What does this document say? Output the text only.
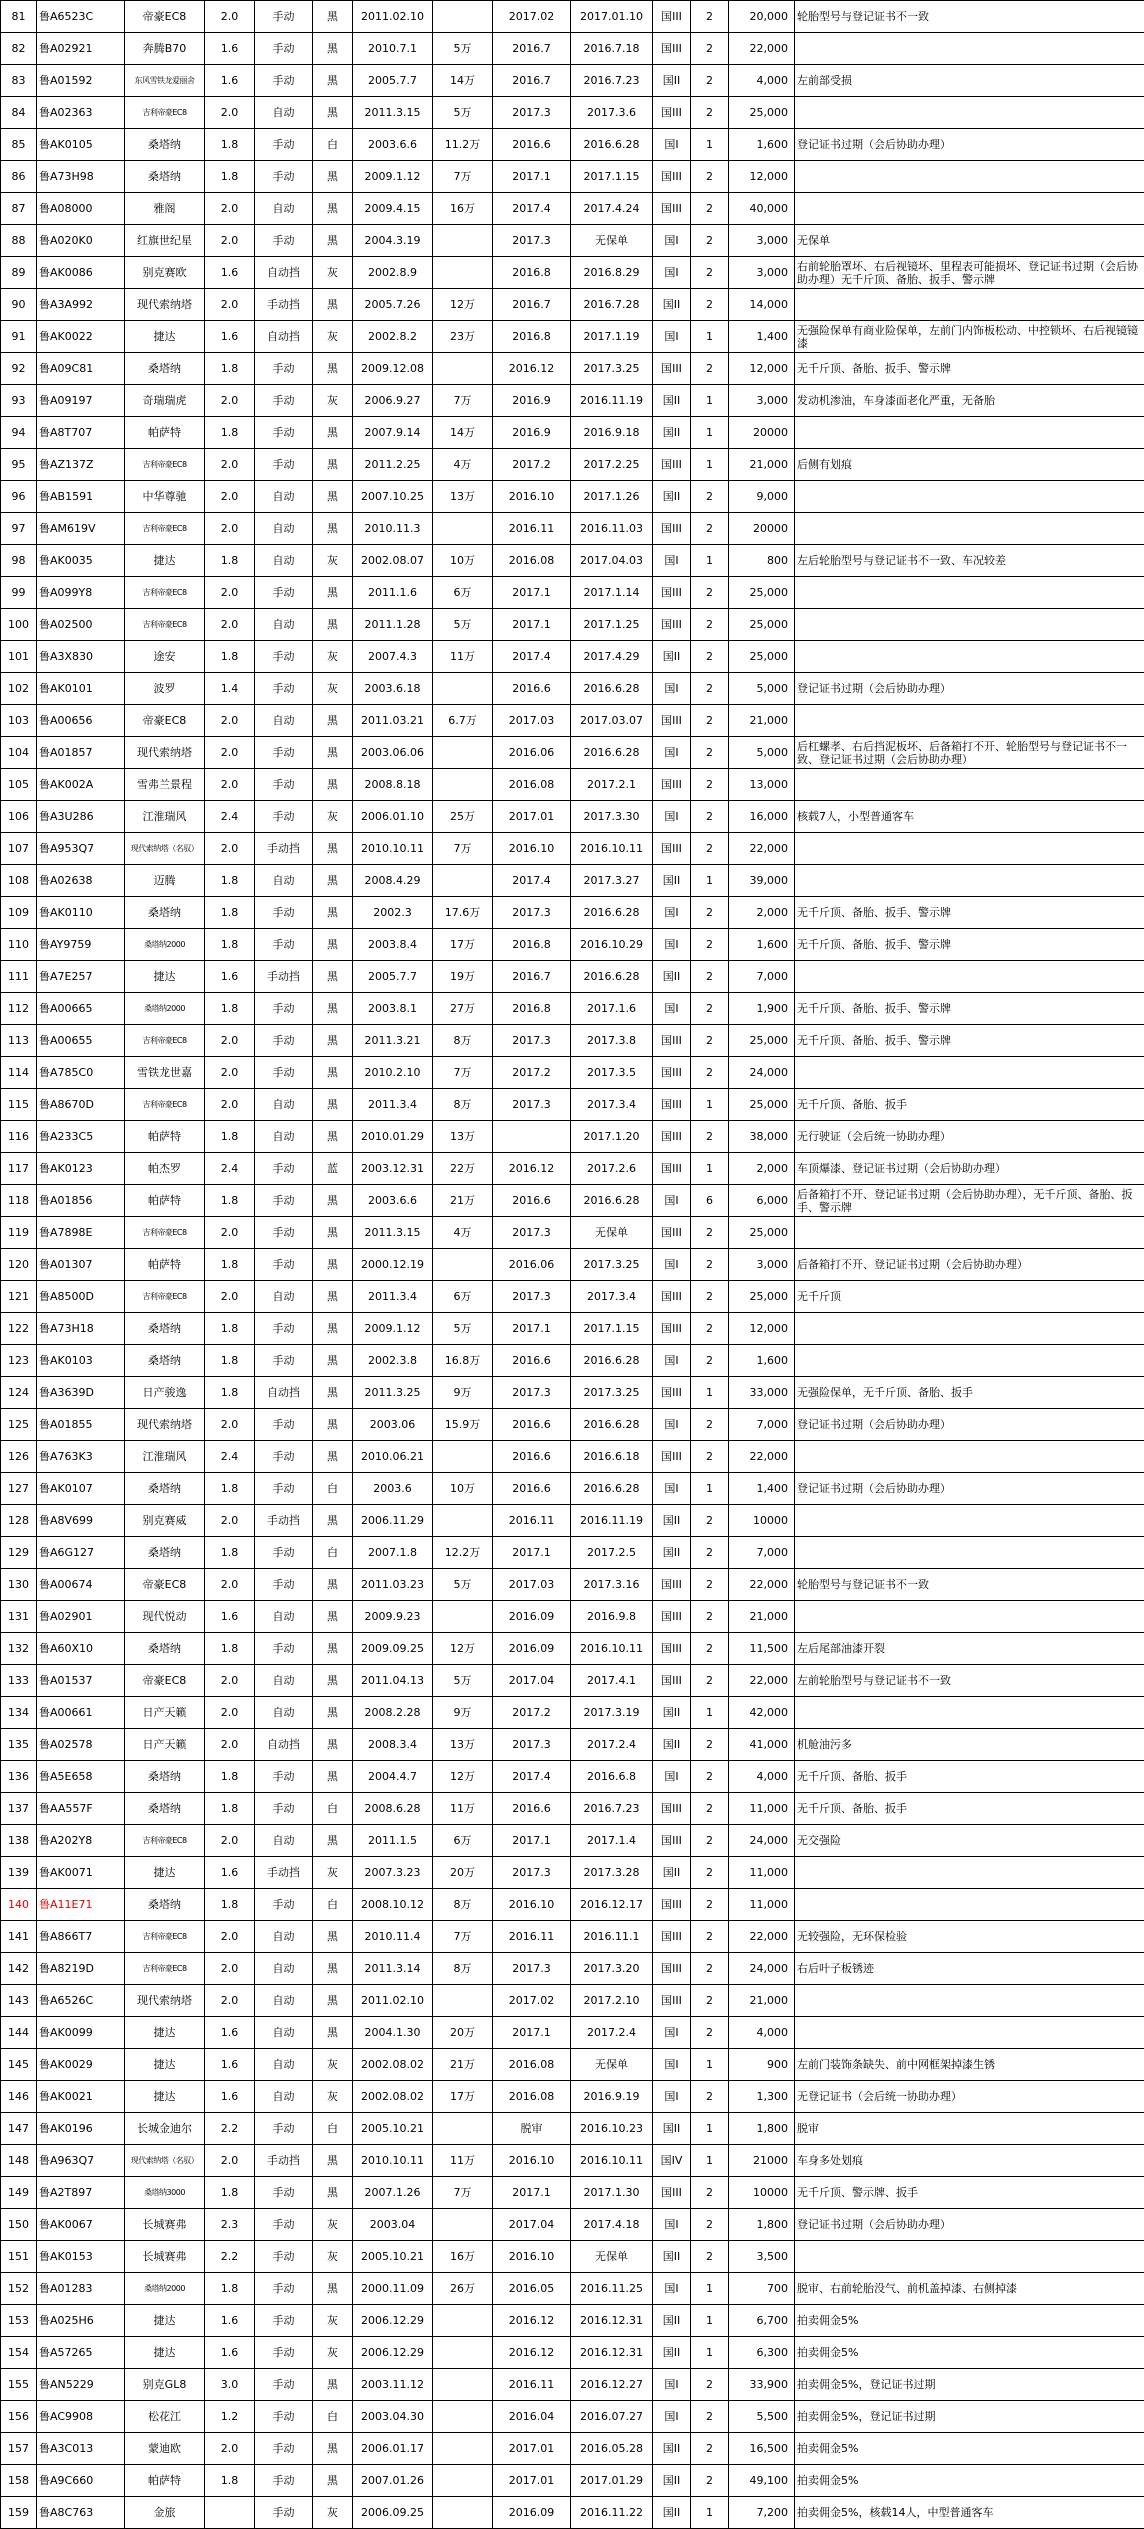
81	鲁A6523C	帝豪EC8	2.0	手动	黑	2011.02.10		2017.02	2017.01.10	国III	2	20,000	轮胎型号与登记证书不一致
82	鲁A02921	奔腾B70	1.6	手动	黑	2010.7.1	5万	2016.7	2016.7.18	国III	2	22,000	
83	鲁A01592	东风雪铁龙爱丽舍	1.6	手动	黑	2005.7.7	14万	2016.7	2016.7.23	国II	2	4,000	左前部受损
84	鲁A02363	吉利帝豪EC8	2.0	自动	黑	2011.3.15	5万	2017.3	2017.3.6	国III	2	25,000	
85	鲁AK0105	桑塔纳	1.8	手动	白	2003.6.6	11.2万	2016.6	2016.6.28	国I	1	1,600	登记证书过期（会后协助办理）
86	鲁A73H98	桑塔纳	1.8	手动	黑	2009.1.12	7万	2017.1	2017.1.15	国III	2	12,000	
87	鲁A08000	雅阁	2.0	自动	黑	2009.4.15	16万	2017.4	2017.4.24	国III	2	40,000	
88	鲁A020K0	红旗世纪星	2.0	手动	黑	2004.3.19		2017.3	无保单	国I	2	3,000	无保单
89	鲁AK0086	别克赛欧	1.6	自动挡	灰	2002.8.9		2016.8	2016.8.29	国I	2	3,000	右前轮胎罩坏、右后视镜坏、里程表可能损坏、登记证书过期（会后协助办理）无千斤顶、备胎、扳手、警示牌
90	鲁A3A992	现代索纳塔	2.0	手动挡	黑	2005.7.26	12万	2016.7	2016.7.28	国II	2	14,000	
91	鲁AK0022	捷达	1.6	自动挡	灰	2002.8.2	23万	2016.8	2017.1.19	国I	1	1,400	无强险保单有商业险保单，左前门内饰板松动、中控锁坏、右后视镜镜漆
92	鲁A09C81	桑塔纳	1.8	手动	黑	2009.12.08		2016.12	2017.3.25	国III	2	12,000	无千斤顶、备胎、扳手、警示牌
93	鲁A09197	奇瑞瑞虎	2.0	手动	灰	2006.9.27	7万	2016.9	2016.11.19	国II	1	3,000	发动机渗油，车身漆面老化严重，无备胎
94	鲁A8T707	帕萨特	1.8	手动	黑	2007.9.14	14万	2016.9	2016.9.18	国II	1	20000	
95	鲁AZ137Z	吉利帝豪EC8	2.0	手动	黑	2011.2.25	4万	2017.2	2017.2.25	国III	1	21,000	后侧有划痕
96	鲁AB1591	中华尊驰	2.0	自动	黑	2007.10.25	13万	2016.10	2017.1.26	国II	2	9,000	
97	鲁AM619V	吉利帝豪EC8	2.0	自动	黑	2010.11.3		2016.11	2016.11.03	国III	2	20000	
98	鲁AK0035	捷达	1.8	自动	灰	2002.08.07	10万	2016.08	2017.04.03	国I	1	800	左后轮胎型号与登记证书不一致、车况较差
99	鲁A099Y8	吉利帝豪EC8	2.0	手动	黑	2011.1.6	6万	2017.1	2017.1.14	国III	2	25,000	
100	鲁A02500	吉利帝豪EC8	2.0	自动	黑	2011.1.28	5万	2017.1	2017.1.25	国III	2	25,000	
101	鲁A3X830	途安	1.8	手动	灰	2007.4.3	11万	2017.4	2017.4.29	国II	2	25,000	
102	鲁AK0101	波罗	1.4	手动	灰	2003.6.18		2016.6	2016.6.28	国I	2	5,000	登记证书过期（会后协助办理）
103	鲁A00656	帝豪EC8	2.0	自动	黑	2011.03.21	6.7万	2017.03	2017.03.07	国III	2	21,000	
104	鲁A01857	现代索纳塔	2.0	手动	黑	2003.06.06		2016.06	2016.6.28	国I	2	5,000	后杠螺孝、右后挡泥板坏、后备箱打不开、轮胎型号与登记证书不一致、登记证书过期（会后协助办理）
105	鲁AK002A	雪弗兰景程	2.0	手动	黑	2008.8.18		2016.08	2017.2.1	国III	2	13,000	
106	鲁A3U286	江淮瑞风	2.4	手动	灰	2006.01.10	25万	2017.01	2017.3.30	国I	2	16,000	核载7人，小型普通客车
107	鲁A953Q7	现代索纳塔（名驭）	2.0	手动挡	黑	2010.10.11	7万	2016.10	2016.10.11	国III	2	22,000	
108	鲁A02638	迈腾	1.8	自动	黑	2008.4.29		2017.4	2017.3.27	国II	1	39,000	
109	鲁AK0110	桑塔纳	1.8	手动	黑	2002.3	17.6万	2017.3	2016.6.28	国I	2	2,000	无千斤顶、备胎、扳手、警示牌
110	鲁AY9759	桑塔纳2000	1.8	手动	黑	2003.8.4	17万	2016.8	2016.10.29	国I	2	1,600	无千斤顶、备胎、扳手、警示牌
111	鲁A7E257	捷达	1.6	手动挡	黑	2005.7.7	19万	2016.7	2016.6.28	国II	2	7,000	
112	鲁A00665	桑塔纳2000	1.8	手动	黑	2003.8.1	27万	2016.8	2017.1.6	国I	2	1,900	无千斤顶、备胎、扳手、警示牌
113	鲁A00655	吉利帝豪EC8	2.0	手动	黑	2011.3.21	8万	2017.3	2017.3.8	国III	2	25,000	无千斤顶、备胎、扳手、警示牌
114	鲁A785C0	雪铁龙世嘉	2.0	手动	黑	2010.2.10	7万	2017.2	2017.3.5	国III	2	24,000	
115	鲁A8670D	吉利帝豪EC8	2.0	自动	黑	2011.3.4	8万	2017.3	2017.3.4	国III	1	25,000	无千斤顶、备胎、扳手
116	鲁A233C5	帕萨特	1.8	自动	黑	2010.01.29	13万		2017.1.20	国III	2	38,000	无行驶证（会后统一协助办理）
117	鲁AK0123	帕杰罗	2.4	手动	蓝	2003.12.31	22万	2016.12	2017.2.6	国III	1	2,000	车顶爆漆、登记证书过期（会后协助办理）
118	鲁A01856	帕萨特	1.8	手动	黑	2003.6.6	21万	2016.6	2016.6.28	国I	6	6,000	后备箱打不开、登记证书过期（会后协助办理），无千斤顶、备胎、扳手、警示牌
119	鲁A7898E	吉利帝豪EC8	2.0	手动	黑	2011.3.15	4万	2017.3	无保单	国III	2	25,000	
120	鲁A01307	帕萨特	1.8	手动	黑	2000.12.19		2016.06	2017.3.25	国I	2	3,000	后备箱打不开、登记证书过期（会后协助办理）
121	鲁A8500D	吉利帝豪EC8	2.0	自动	黑	2011.3.4	6万	2017.3	2017.3.4	国III	2	25,000	无千斤顶
122	鲁A73H18	桑塔纳	1.8	手动	黑	2009.1.12	5万	2017.1	2017.1.15	国III	2	12,000	
123	鲁AK0103	桑塔纳	1.8	手动	黑	2002.3.8	16.8万	2016.6	2016.6.28	国I	2	1,600	
124	鲁A3639D	日产骏逸	1.8	自动挡	黑	2011.3.25	9万	2017.3	2017.3.25	国III	1	33,000	无强险保单，无千斤顶、备胎、扳手
125	鲁A01855	现代索纳塔	2.0	手动	黑	2003.06	15.9万	2016.6	2016.6.28	国I	2	7,000	登记证书过期（会后协助办理）
126	鲁A763K3	江淮瑞风	2.4	手动	黑	2010.06.21		2016.6	2016.6.18	国III	2	22,000	
127	鲁AK0107	桑塔纳	1.8	手动	白	2003.6	10万	2016.6	2016.6.28	国I	1	1,400	登记证书过期（会后协助办理）
128	鲁A8V699	别克赛威	2.0	手动挡	黑	2006.11.29		2016.11	2016.11.19	国II	2	10000	
129	鲁A6G127	桑塔纳	1.8	手动	白	2007.1.8	12.2万	2017.1	2017.2.5	国II	2	7,000	
130	鲁A00674	帝豪EC8	2.0	手动	黑	2011.03.23	5万	2017.03	2017.3.16	国III	2	22,000	轮胎型号与登记证书不一致
131	鲁A02901	现代悦动	1.6	自动	黑	2009.9.23		2016.09	2016.9.8	国III	2	21,000	
132	鲁A60X10	桑塔纳	1.8	手动	黑	2009.09.25	12万	2016.09	2016.10.11	国III	2	11,500	左后尾部油漆开裂
133	鲁A01537	帝豪EC8	2.0	自动	黑	2011.04.13	5万	2017.04	2017.4.1	国III	2	22,000	左前轮胎型号与登记证书不一致
134	鲁A00661	日产天籁	2.0	自动	黑	2008.2.28	9万	2017.2	2017.3.19	国II	1	42,000	
135	鲁A02578	日产天籁	2.0	自动挡	黑	2008.3.4	13万	2017.3	2017.2.4	国II	2	41,000	机舱油污多
136	鲁A5E658	桑塔纳	1.8	手动	黑	2004.4.7	12万	2017.4	2016.6.8	国I	2	4,000	无千斤顶、备胎、扳手
137	鲁AA557F	桑塔纳	1.8	手动	白	2008.6.28	11万	2016.6	2016.7.23	国III	2	11,000	无千斤顶、备胎、扳手
138	鲁A202Y8	吉利帝豪EC8	2.0	自动	黑	2011.1.5	6万	2017.1	2017.1.4	国III	2	24,000	无交强险
139	鲁AK0071	捷达	1.6	手动挡	灰	2007.3.23	20万	2017.3	2017.3.28	国II	2	11,000	
140	鲁A11E71	桑塔纳	1.8	手动	白	2008.10.12	8万	2016.10	2016.12.17	国III	2	11,000	
141	鲁A866T7	吉利帝豪EC8	2.0	自动	黑	2010.11.4	7万	2016.11	2016.11.1	国III	2	22,000	无较强险，无环保检验
142	鲁A8219D	吉利帝豪EC8	2.0	自动	黑	2011.3.14	8万	2017.3	2017.3.20	国III	2	24,000	右后叶子板锈迹
143	鲁A6526C	现代索纳塔	2.0	自动	黑	2011.02.10		2017.02	2017.2.10	国III	2	21,000	
144	鲁AK0099	捷达	1.6	自动	黑	2004.1.30	20万	2017.1	2017.2.4	国I	2	4,000	
145	鲁AK0029	捷达	1.6	自动	灰	2002.08.02	21万	2016.08	无保单	国I	1	900	左前门装饰条缺失、前中网框架掉漆生锈
146	鲁AK0021	捷达	1.6	自动	灰	2002.08.02	17万	2016.08	2016.9.19	国I	2	1,300	无登记证书（会后统一协助办理）
147	鲁AK0196	长城金迪尔	2.2	手动	白	2005.10.21		脱审	2016.10.23	国II	1	1,800	脱审
148	鲁A963Q7	现代索纳塔（名驭）	2.0	手动挡	黑	2010.10.11	11万	2016.10	2016.10.11	国IV	1	21000	车身多处划痕
149	鲁A2T897	桑塔纳3000	1.8	手动	黑	2007.1.26	7万	2017.1	2017.1.30	国III	2	10000	无千斤顶、警示牌、扳手
150	鲁AK0067	长城赛弗	2.3	手动	灰	2003.04		2017.04	2017.4.18	国I	2	1,800	登记证书过期（会后协助办理）
151	鲁AK0153	长城赛弗	2.2	手动	灰	2005.10.21	16万	2016.10	无保单	国II	2	3,500	
152	鲁A01283	桑塔纳2000	1.8	手动	黑	2000.11.09	26万	2016.05	2016.11.25	国I	1	700	脱审、右前轮胎没气、前机盖掉漆、右侧掉漆
153	鲁A025H6	捷达	1.6	手动	灰	2006.12.29		2016.12	2016.12.31	国II	1	6,700	拍卖佣金5%
154	鲁A57265	捷达	1.6	手动	灰	2006.12.29		2016.12	2016.12.31	国II	1	6,300	拍卖佣金5%
155	鲁AN5229	别克GL8	3.0	手动	黑	2003.11.12		2016.11	2016.12.27	国I	2	33,900	拍卖佣金5%，登记证书过期
156	鲁AC9908	松花江	1.2	手动	白	2003.04.30		2016.04	2016.07.27	国I	2	5,500	拍卖佣金5%，登记证书过期
157	鲁A3C013	蒙迪欧	2.0	手动	黑	2006.01.17		2017.01	2016.05.28	国II	2	16,500	拍卖佣金5%
158	鲁A9C660	帕萨特	1.8	手动	黑	2007.01.26		2017.01	2017.01.29	国II	2	49,100	拍卖佣金5%
159	鲁A8C763	金旅		手动	灰	2006.09.25		2016.09	2016.11.22	国II	1	7,200	拍卖佣金5%，核载14人，中型普通客车
